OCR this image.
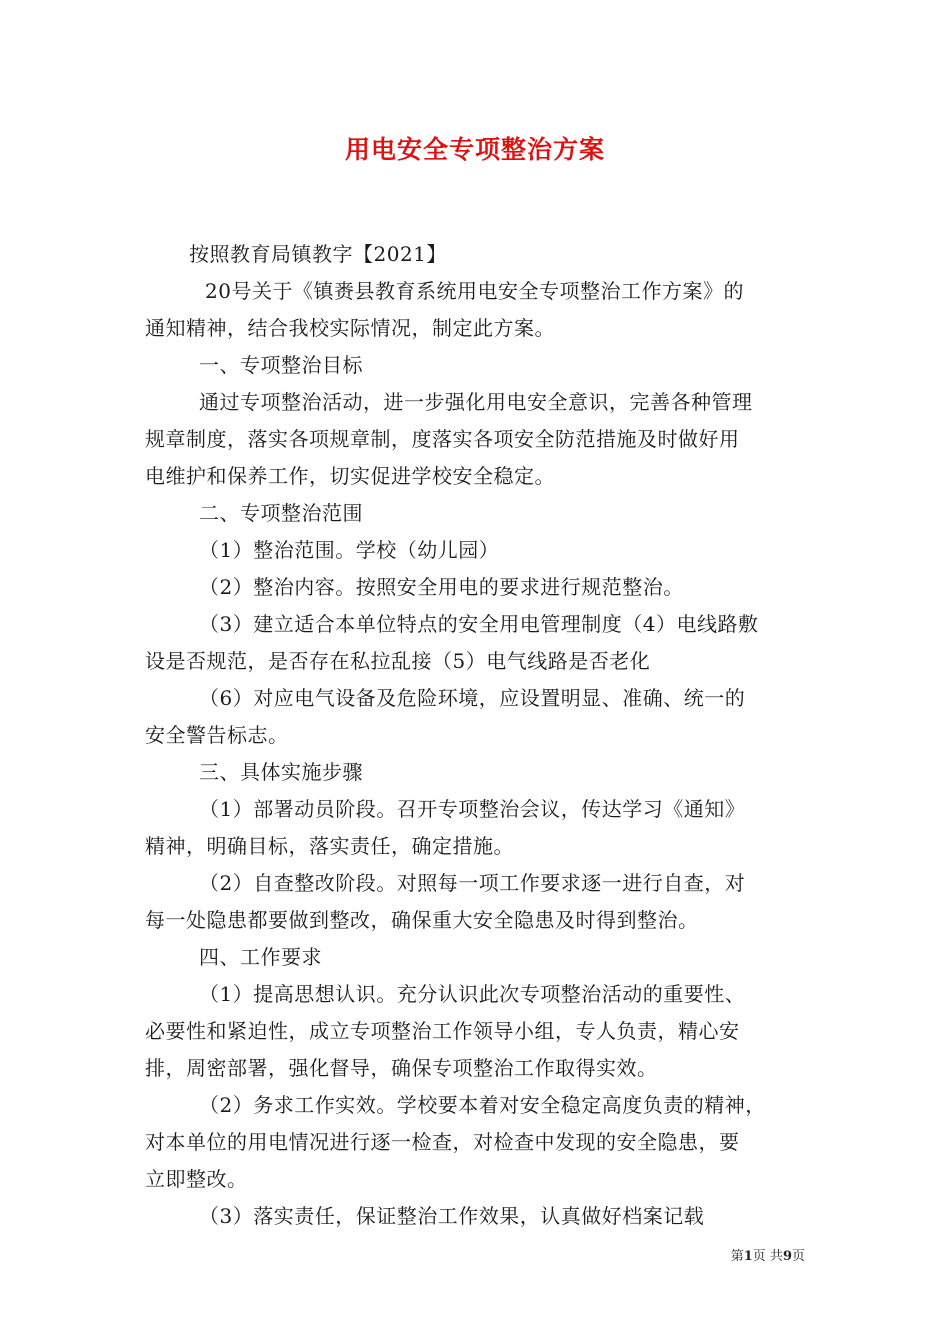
用电安全专项整治方案
按照教育局镇教字【2021】
20号关于《镇赉县教育系统用电安全专项整治工作方案》的
通知精神，结合我校实际情况，制定此方案。
一、专项整治目标
通过专项整治活动，进一步强化用电安全意识，完善各种管理
规章制度，落实各项规章制，度落实各项安全防范措施及时做好用
电维护和保养工作，切实促进学校安全稳定。
二、专项整治范围
（1）整治范围。学校（幼儿园）
（2）整治内容。按照安全用电的要求进行规范整治。
（3）建立适合本单位特点的安全用电管理制度（4）电线路敷
设是否规范，是否存在私拉乱接（5）电气线路是否老化
（6）对应电气设备及危险环境，应设置明显、准确、统一的
安全警告标志。
三、具体实施步骤
（1）部署动员阶段。召开专项整治会议，传达学习《通知》
精神，明确目标，落实责任，确定措施。
（2）自查整改阶段。对照每一项工作要求逐一进行自查，对
每一处隐患都要做到整改，确保重大安全隐患及时得到整治。
四、工作要求
（1）提高思想认识。充分认识此次专项整治活动的重要性、
必要性和紧迫性，成立专项整治工作领导小组，专人负责，精心安
排，周密部署，强化督导，确保专项整治工作取得实效。
（2）务求工作实效。学校要本着对安全稳定高度负责的精神，
对本单位的用电情况进行逐一检查，对检查中发现的安全隐患，要
立即整改。
（3）落实责任，保证整治工作效果，认真做好档案记载
第1页 共9页
